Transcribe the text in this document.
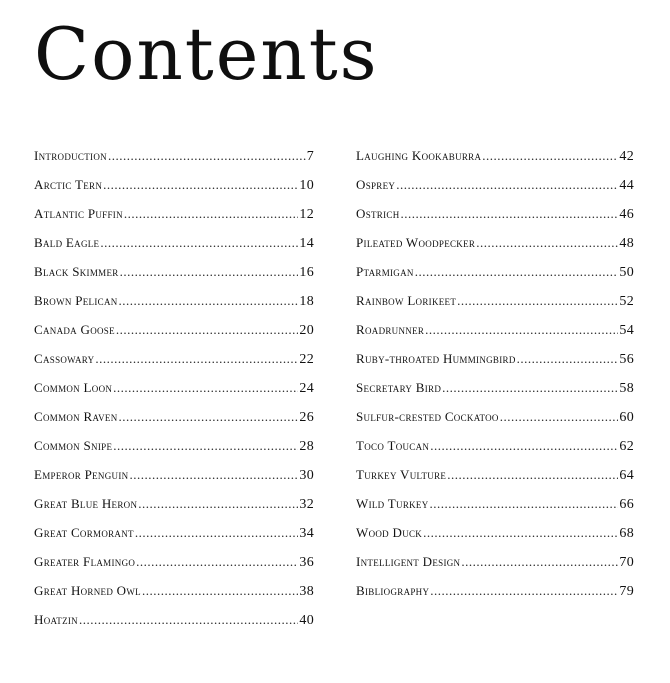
Contents
Introduction .....	7
Arctic Tern .....	10
Atlantic Puffin .....	12
Bald Eagle .....	14
Black Skimmer .....	16
Brown Pelican .....	18
Canada Goose .....	20
Cassowary .....	22
Common Loon .....	24
Common Raven .....	26
Common Snipe .....	28
Emperor Penguin .....	30
Great Blue Heron .....	32
Great Cormorant .....	34
Greater Flamingo .....	36
Great Horned Owl .....	38
Hoatzin .....	40
Laughing Kookaburra .....	42
Osprey .....	44
Ostrich .....	46
Pileated Woodpecker .....	48
Ptarmigan .....	50
Rainbow Lorikeet .....	52
Roadrunner .....	54
Ruby-throated Hummingbird .....	56
Secretary Bird .....	58
Sulfur-crested Cockatoo .....	60
Toco Toucan .....	62
Turkey Vulture .....	64
Wild Turkey .....	66
Wood Duck .....	68
Intelligent Design .....	70
Bibliography .....	79
